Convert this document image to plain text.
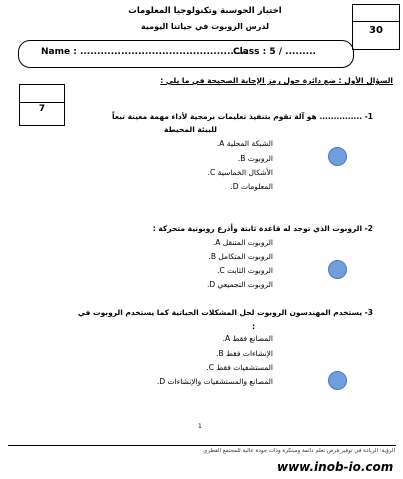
اختبار الحوسبة وتكنولوجيا المعلومات
لدرس الروبوت في حياتنا اليومية	30
Name : .................................................
Class : 5 / .........
السؤال الأول : ضع دائرة حول رمز الإجابة الصحيحة في ما يلي :
7
1- ............... هو آلة تقوم بتنفيذ تعليمات برمجية لأداء مهمة معينة تبعاً
للبيئة المحيطة
الشبكة المحلية A.
الروبوت B.
الأشكال الخماسية C.
المعلومات D.
2- الروبوت الذي توجد له قاعدة ثابتة وأذرع روبوتية متحركة :
الروبوت المتنقل A.
الروبوت المتكامل B.
الروبوت الثابت C.
الروبوت التجميعي D.
3- يستخدم المهندسون الروبوت لحل المشكلات الحياتية كما يستخدم الروبوت في
:
المصانع فقط A.
الإنشاءات فقط B.
المستشفيات فقط C.
المصانع والمستشفيات والإنشاءات D.
1
الرؤية: الريادة في توفير فرص تعلم دائمة ومبتكرة وذات جودة عالية للمجتمع القطري
www.inob-io.com
